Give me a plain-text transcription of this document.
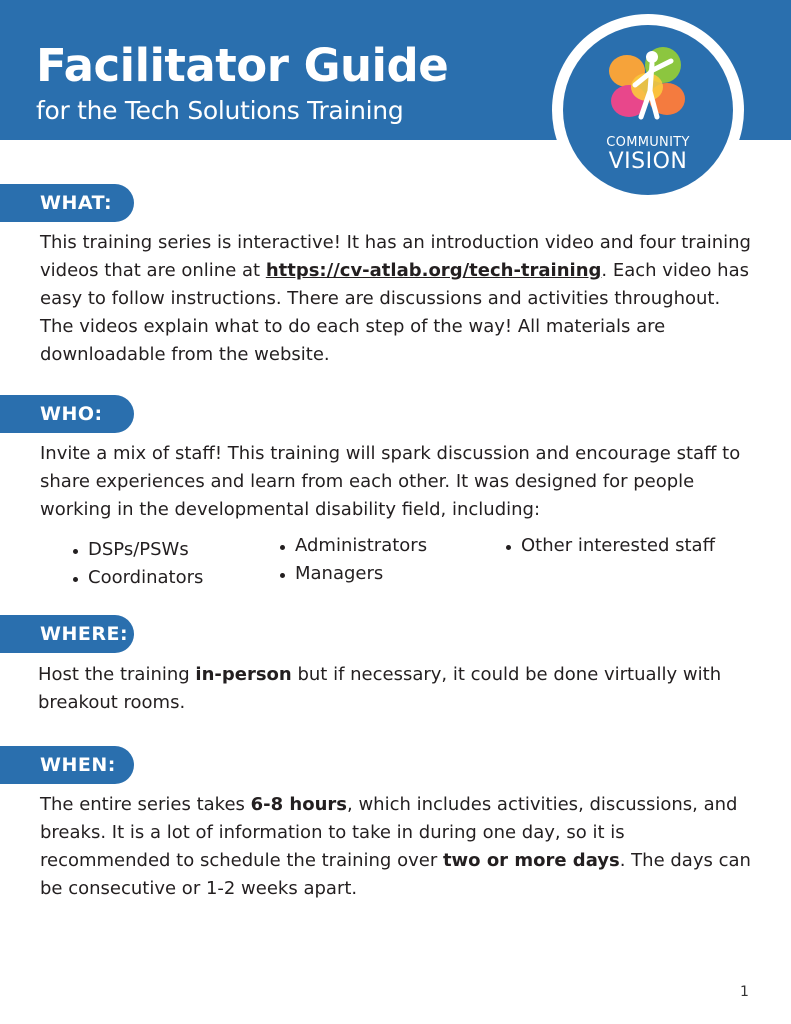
Facilitator Guide
for the Tech Solutions Training
COMMUNITY
VISION
WHAT:

This training series is interactive! It has an introduction video and four training videos that are online at https://cv-atlab.org/tech-training. Each video has easy to follow instructions. There are discussions and activities throughout. The videos explain what to do each step of the way! All materials are downloadable from the website.

WHO:

Invite a mix of staff! This training will spark discussion and encourage staff to share experiences and learn from each other. It was designed for people working in the developmental disability field, including:

DSPs/PSWs
Coordinators
Administrators
Managers
Other interested staff
WHERE:

Host the training in-person but if necessary, it could be done virtually with breakout rooms.

WHEN:

The entire series takes 6-8 hours, which includes activities, discussions, and breaks. It is a lot of information to take in during one day, so it is recommended to schedule the training over two or more days. The days can be consecutive or 1-2 weeks apart.

1
